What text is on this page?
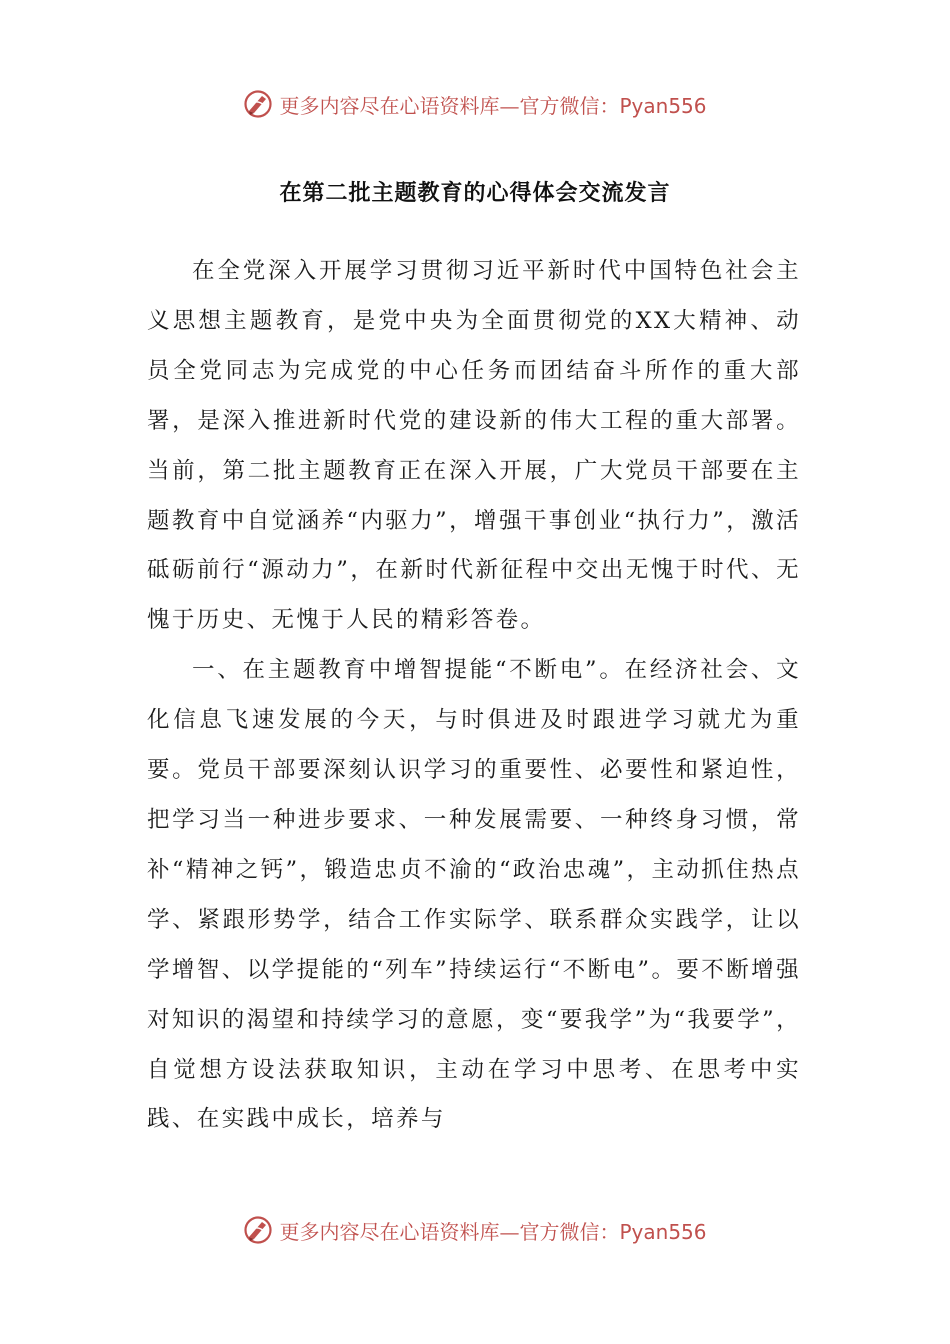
更多内容尽在心语资料库—官方微信：Pyan556
在第二批主题教育的心得体会交流发言

在全党深入开展学习贯彻习近平新时代中国特色社会主义思想主题教育，是党中央为全面贯彻党的XX大精神、动员全党同志为完成党的中心任务而团结奋斗所作的重大部署，是深入推进新时代党的建设新的伟大工程的重大部署。当前，第二批主题教育正在深入开展，广大党员干部要在主题教育中自觉涵养“内驱力”，增强干事创业“执行力”，激活砥砺前行“源动力”，在新时代新征程中交出无愧于时代、无愧于历史、无愧于人民的精彩答卷。

一、在主题教育中增智提能“不断电”。在经济社会、文化信息飞速发展的今天，与时俱进及时跟进学习就尤为重要。党员干部要深刻认识学习的重要性、必要性和紧迫性，把学习当一种进步要求、一种发展需要、一种终身习惯，常补“精神之钙”，锻造忠贞不渝的“政治忠魂”，主动抓住热点学、紧跟形势学，结合工作实际学、联系群众实践学，让以学增智、以学提能的“列车”持续运行“不断电”。要不断增强对知识的渴望和持续学习的意愿，变“要我学”为“我要学”，自觉想方设法获取知识，主动在学习中思考、在思考中实践、在实践中成长，培养与

更多内容尽在心语资料库—官方微信：Pyan556
